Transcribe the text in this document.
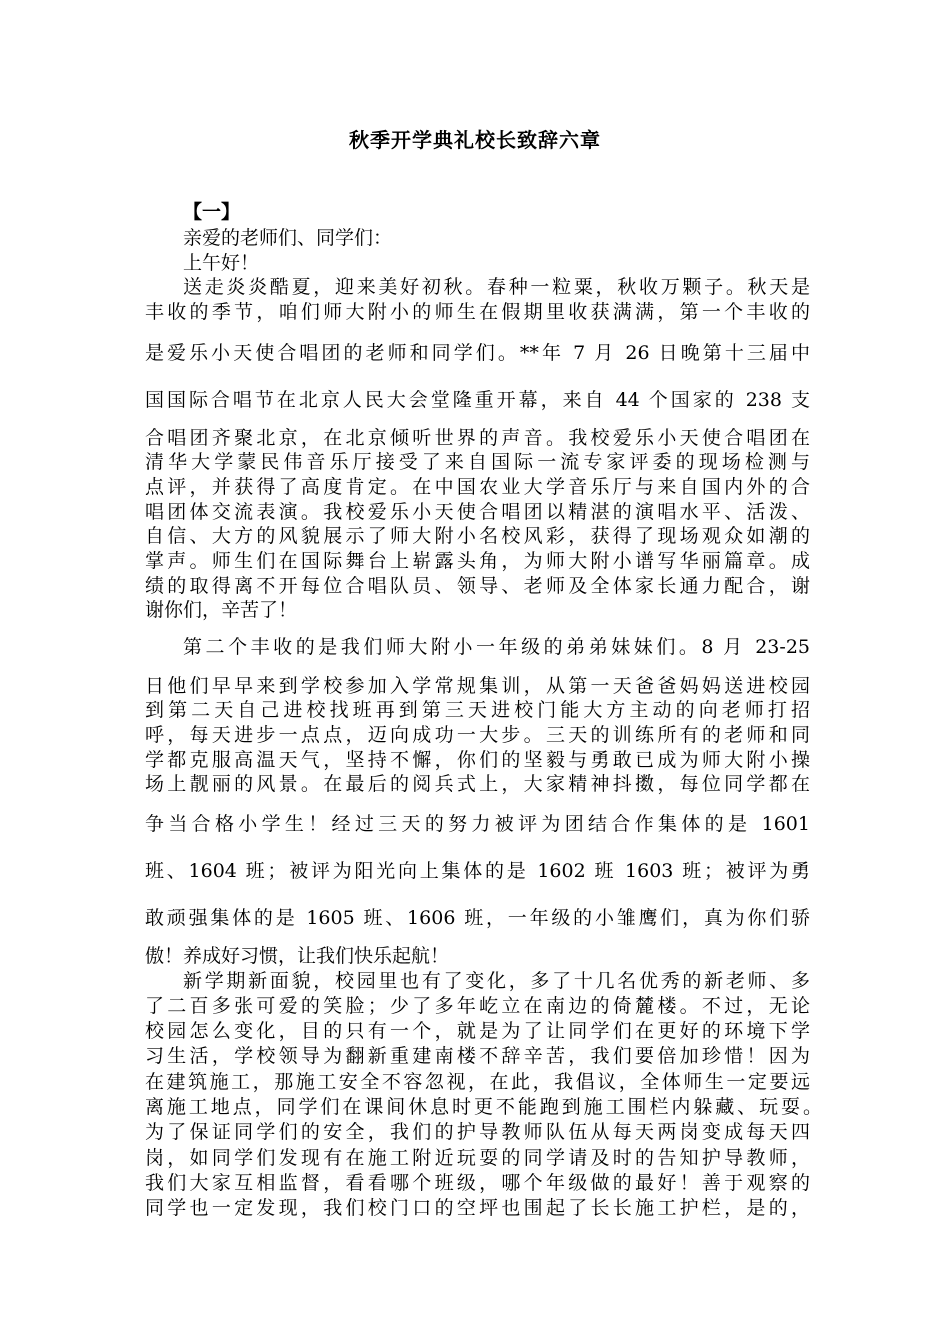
秋季开学典礼校长致辞六章
【一】
亲爱的老师们、同学们：
上午好！
送走炎炎酷夏，迎来美好初秋。春种一粒粟，秋收万颗子。秋天是
丰收的季节，咱们师大附小的师生在假期里收获满满，第一个丰收的
是爱乐小天使合唱团的老师和同学们。**年 7 月 26 日晚第十三届中
国国际合唱节在北京人民大会堂隆重开幕，来自 44 个国家的 238 支
合唱团齐聚北京，在北京倾听世界的声音。我校爱乐小天使合唱团在
清华大学蒙民伟音乐厅接受了来自国际一流专家评委的现场检测与
点评，并获得了高度肯定。在中国农业大学音乐厅与来自国内外的合
唱团体交流表演。我校爱乐小天使合唱团以精湛的演唱水平、活泼、
自信、大方的风貌展示了师大附小名校风彩，获得了现场观众如潮的
掌声。师生们在国际舞台上崭露头角，为师大附小谱写华丽篇章。成
绩的取得离不开每位合唱队员、领导、老师及全体家长通力配合，谢
谢你们，辛苦了！
第二个丰收的是我们师大附小一年级的弟弟妹妹们。8 月 23-25
日他们早早来到学校参加入学常规集训，从第一天爸爸妈妈送进校园
到第二天自己进校找班再到第三天进校门能大方主动的向老师打招
呼，每天进步一点点，迈向成功一大步。三天的训练所有的老师和同
学都克服高温天气，坚持不懈，你们的坚毅与勇敢已成为师大附小操
场上靓丽的风景。在最后的阅兵式上，大家精神抖擞，每位同学都在
争当合格小学生！经过三天的努力被评为团结合作集体的是 1601
班、1604 班；被评为阳光向上集体的是 1602 班 1603 班；被评为勇
敢顽强集体的是 1605 班、1606 班，一年级的小雏鹰们，真为你们骄
傲！养成好习惯，让我们快乐起航！
新学期新面貌，校园里也有了变化，多了十几名优秀的新老师、多
了二百多张可爱的笑脸；少了多年屹立在南边的倚麓楼。不过，无论
校园怎么变化，目的只有一个，就是为了让同学们在更好的环境下学
习生活，学校领导为翻新重建南楼不辞辛苦，我们要倍加珍惜！因为
在建筑施工，那施工安全不容忽视，在此，我倡议，全体师生一定要远
离施工地点，同学们在课间休息时更不能跑到施工围栏内躲藏、玩耍。
为了保证同学们的安全，我们的护导教师队伍从每天两岗变成每天四
岗，如同学们发现有在施工附近玩耍的同学请及时的告知护导教师，
我们大家互相监督，看看哪个班级，哪个年级做的最好！善于观察的
同学也一定发现，我们校门口的空坪也围起了长长施工护栏，是的，
